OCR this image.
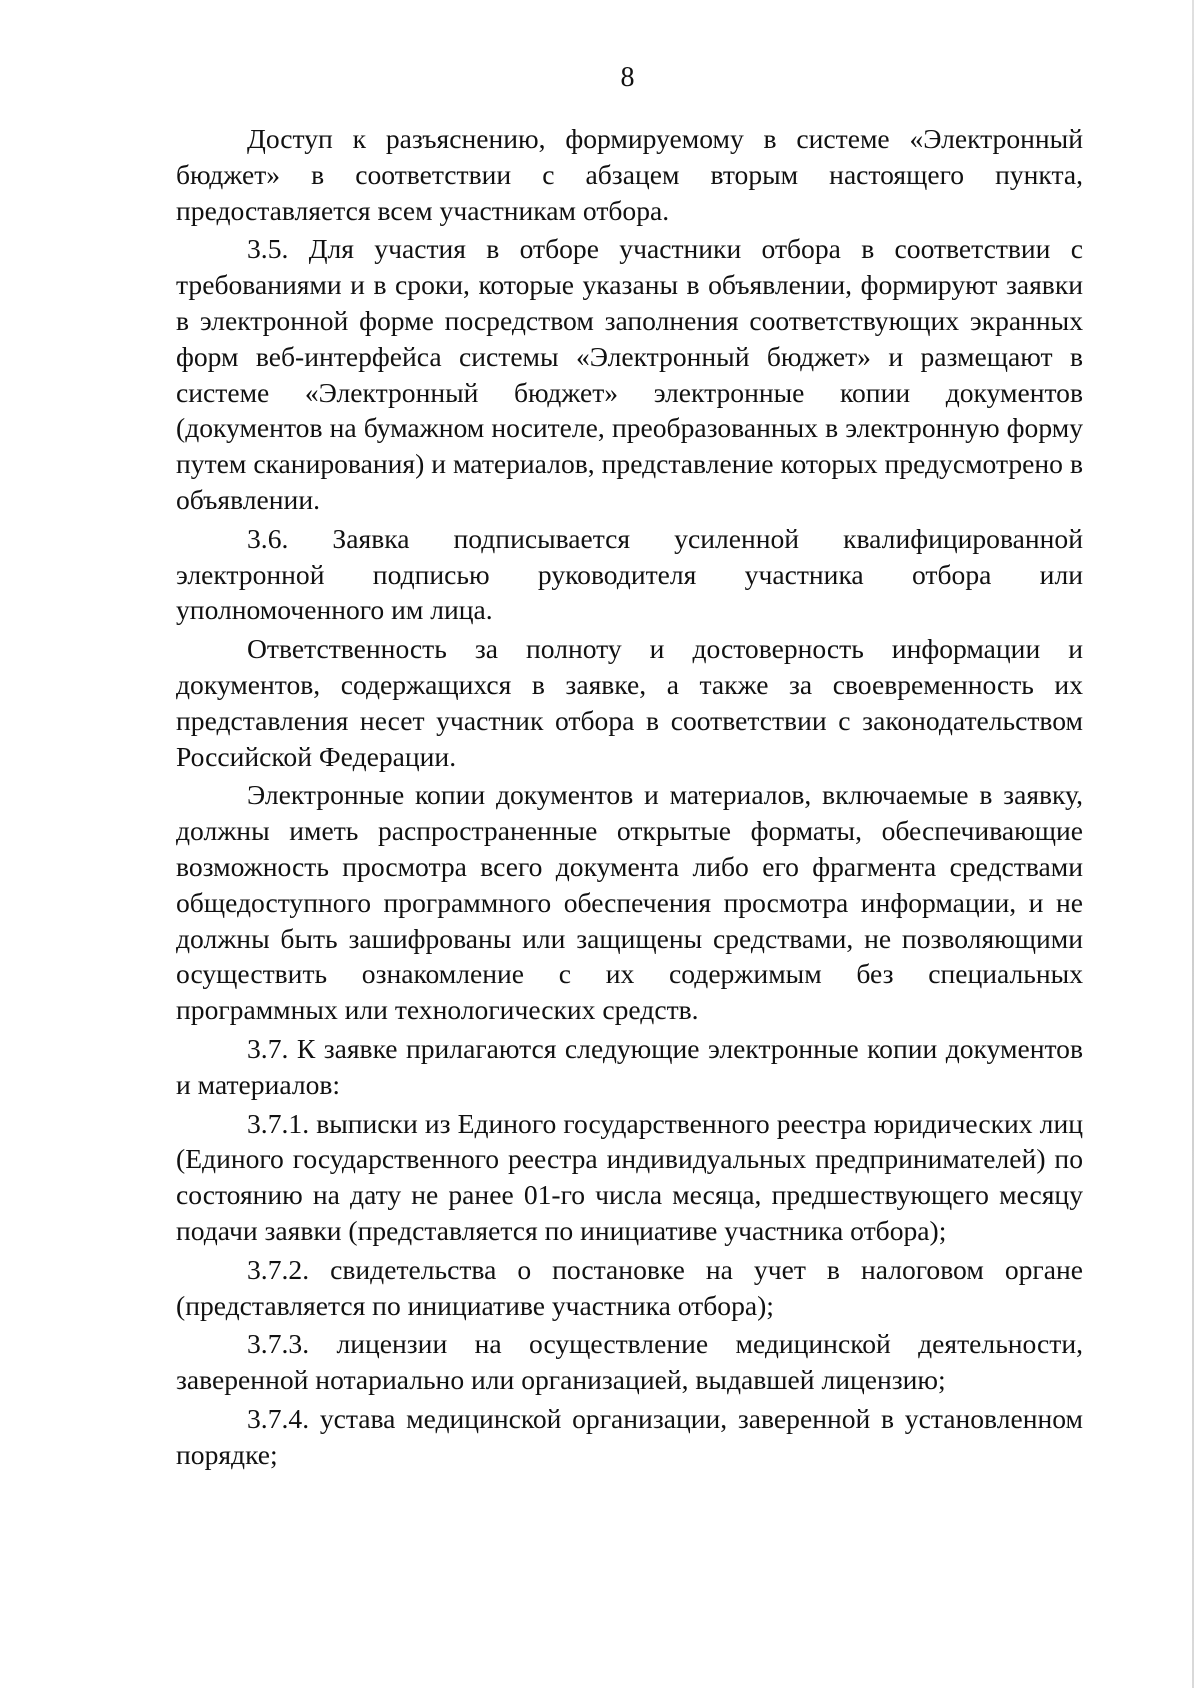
8

Доступ к разъяснению, формируемому в системе «Электронный бюджет» в соответствии с абзацем вторым настоящего пункта, предоставляется всем участникам отбора.

3.5. Для участия в отборе участники отбора в соответствии с требованиями и в сроки, которые указаны в объявлении, формируют заявки в электронной форме посредством заполнения соответствующих экранных форм веб-интерфейса системы «Электронный бюджет» и размещают в системе «Электронный бюджет» электронные копии документов (документов на бумажном носителе, преобразованных в электронную форму путем сканирования) и материалов, представление которых предусмотрено в объявлении.

3.6. Заявка подписывается усиленной квалифицированной электронной подписью руководителя участника отбора или уполномоченного им лица.

Ответственность за полноту и достоверность информации и документов, содержащихся в заявке, а также за своевременность их представления несет участник отбора в соответствии с законодательством Российской Федерации.

Электронные копии документов и материалов, включаемые в заявку, должны иметь распространенные открытые форматы, обеспечивающие возможность просмотра всего документа либо его фрагмента средствами общедоступного программного обеспечения просмотра информации, и не должны быть зашифрованы или защищены средствами, не позволяющими осуществить ознакомление с их содержимым без специальных программных или технологических средств.

3.7. К заявке прилагаются следующие электронные копии документов и материалов:

3.7.1. выписки из Единого государственного реестра юридических лиц (Единого государственного реестра индивидуальных предпринимателей) по состоянию на дату не ранее 01-го числа месяца, предшествующего месяцу подачи заявки (представляется по инициативе участника отбора);

3.7.2. свидетельства о постановке на учет в налоговом органе (представляется по инициативе участника отбора);

3.7.3. лицензии на осуществление медицинской деятельности, заверенной нотариально или организацией, выдавшей лицензию;

3.7.4. устава медицинской организации, заверенной в установленном порядке;
